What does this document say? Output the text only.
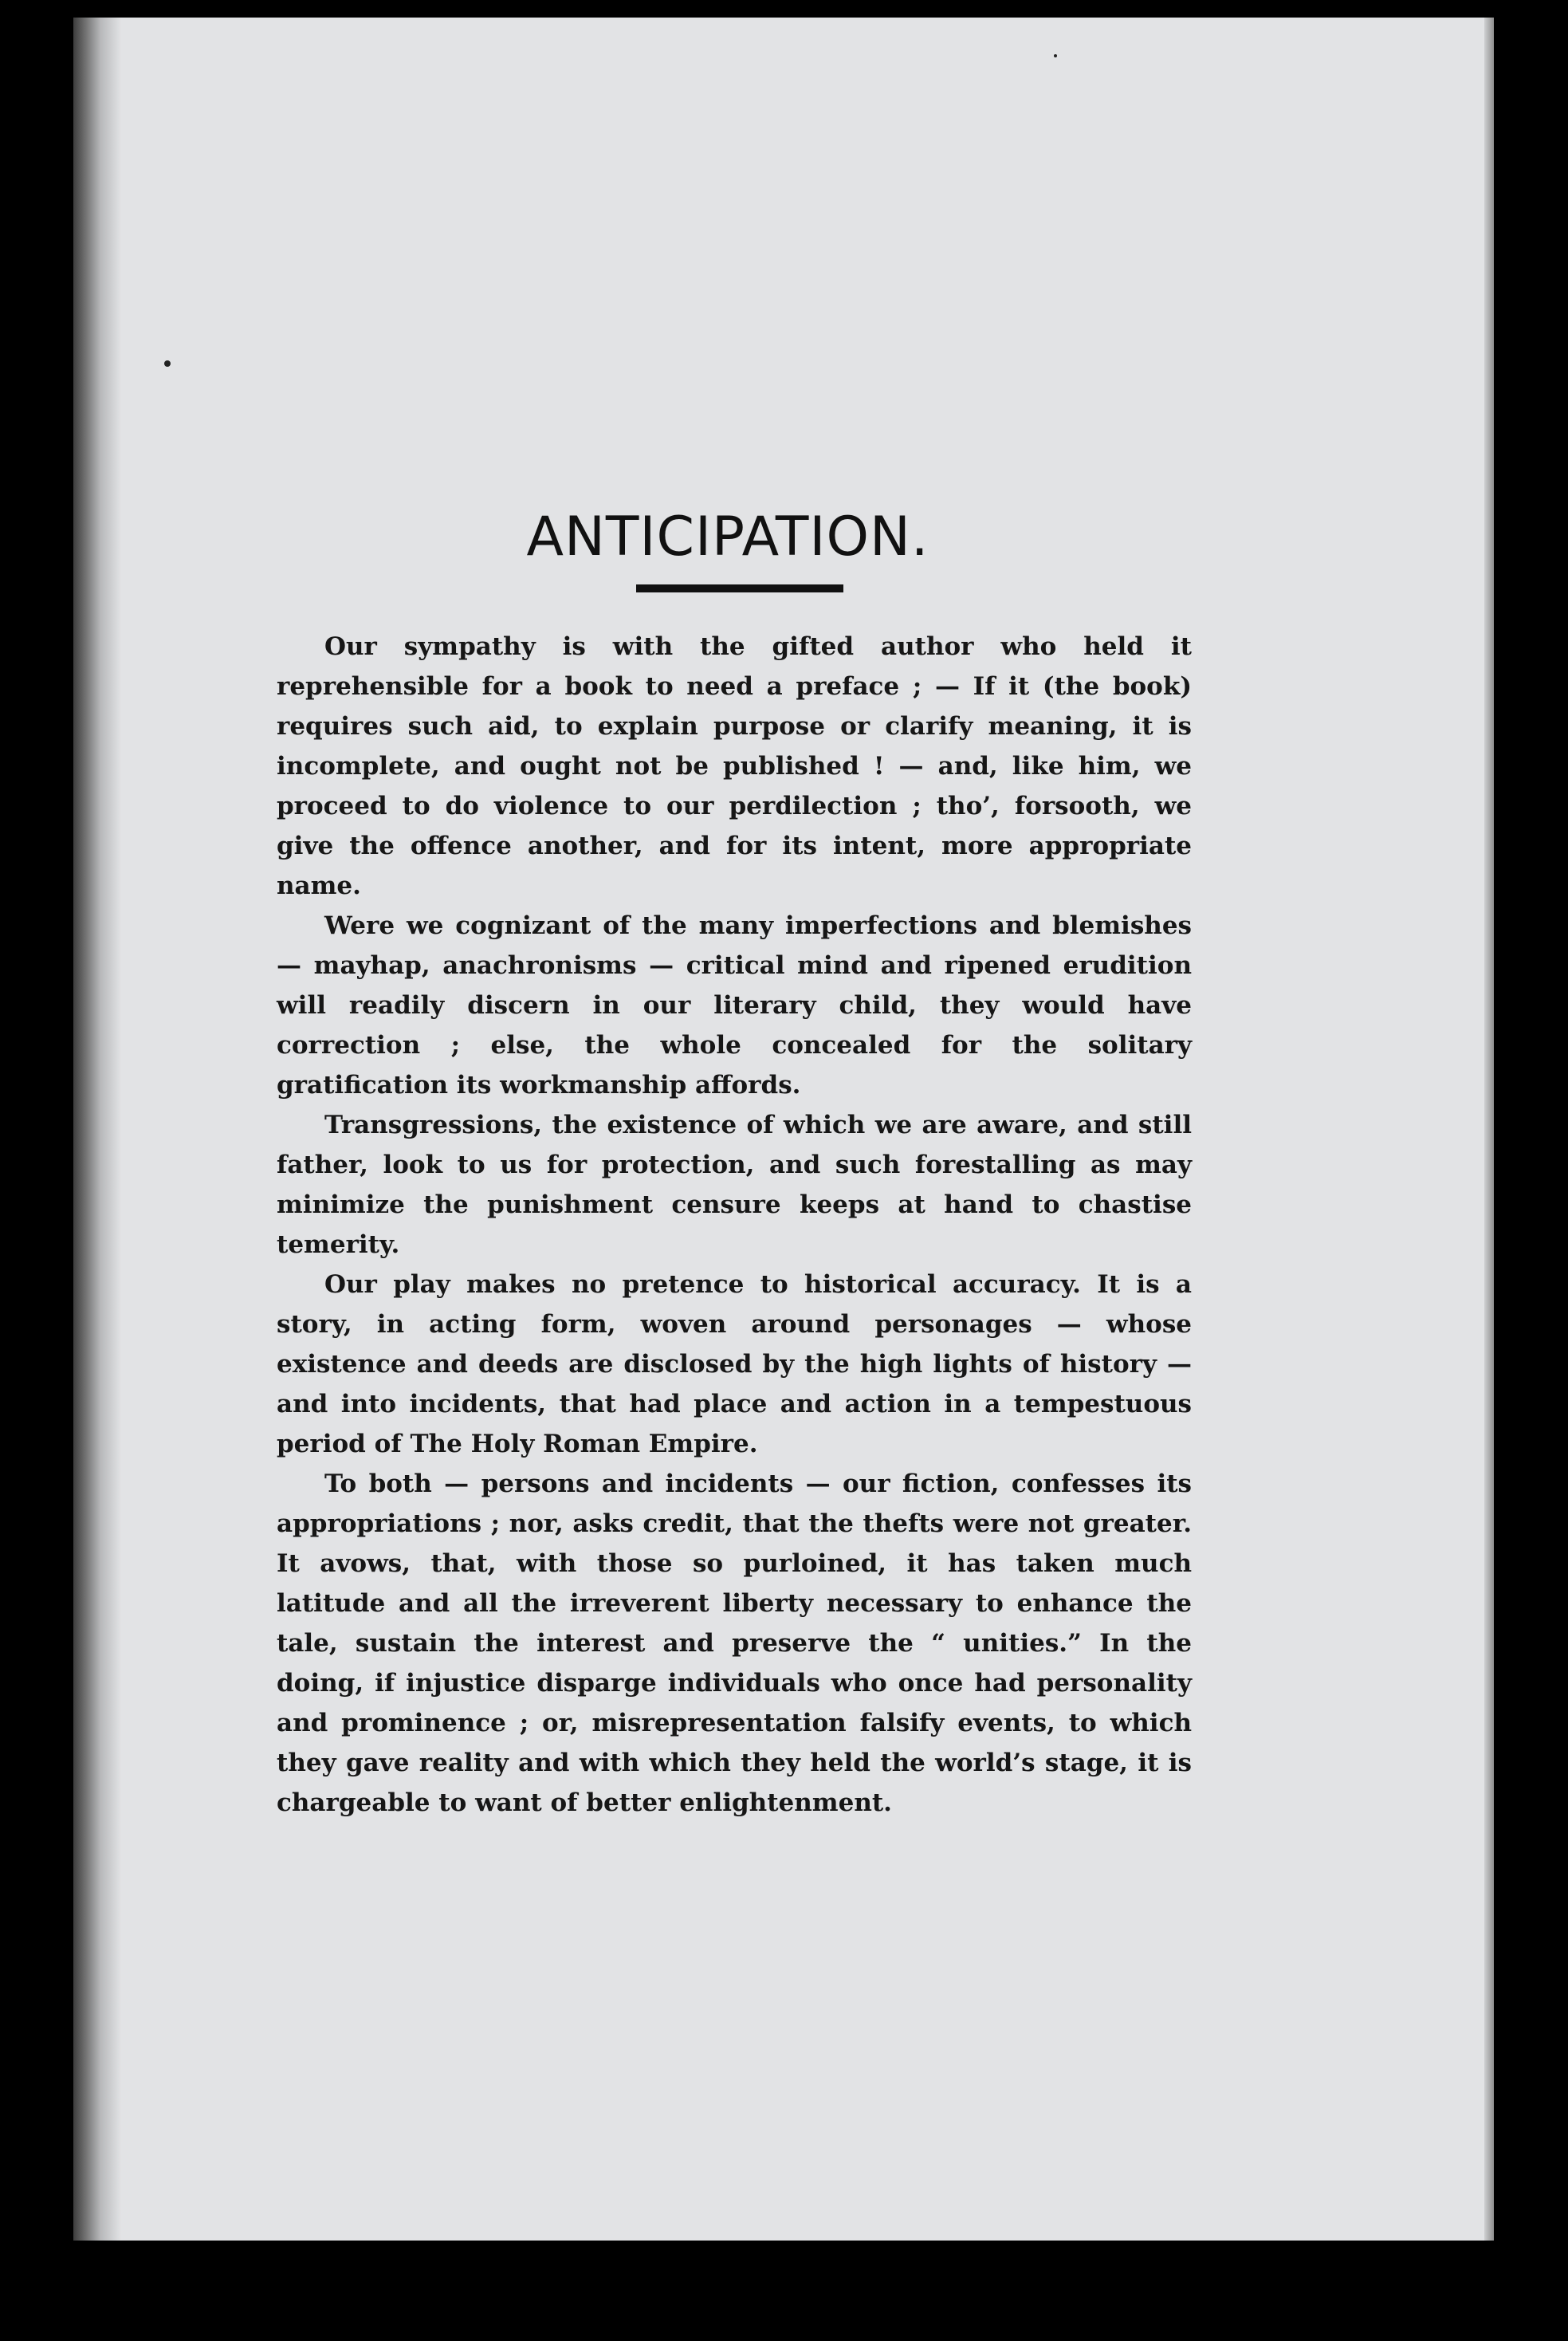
ANTICIPATION.

Our sympathy is with the gifted author who held it reprehensible for a book to need a preface ; — If it (the book) requires such aid, to explain purpose or clarify meaning, it is incomplete, and ought not be published ! — and, like him, we proceed to do violence to our perdilection ; tho’, forsooth, we give the offence another, and for its intent, more appropriate name.

Were we cognizant of the many imperfections and blemishes — mayhap, anachronisms — critical mind and ripened erudition will readily discern in our literary child, they would have correction ; else, the whole concealed for the solitary gratification its workmanship affords.

Transgressions, the existence of which we are aware, and still father, look to us for protection, and such forestalling as may minimize the punishment censure keeps at hand to chastise temerity.

Our play makes no pretence to historical accuracy. It is a story, in acting form, woven around personages — whose existence and deeds are disclosed by the high lights of history — and into incidents, that had place and action in a tempestuous period of The Holy Roman Empire.

To both — persons and incidents — our fiction, confesses its appropriations ; nor, asks credit, that the thefts were not greater. It avows, that, with those so purloined, it has taken much latitude and all the irreverent liberty necessary to enhance the tale, sustain the interest and preserve the “ unities.” In the doing, if injustice disparge individuals who once had personality and prominence ; or, misrepresentation falsify events, to which they gave reality and with which they held the world’s stage, it is chargeable to want of better enlightenment.
